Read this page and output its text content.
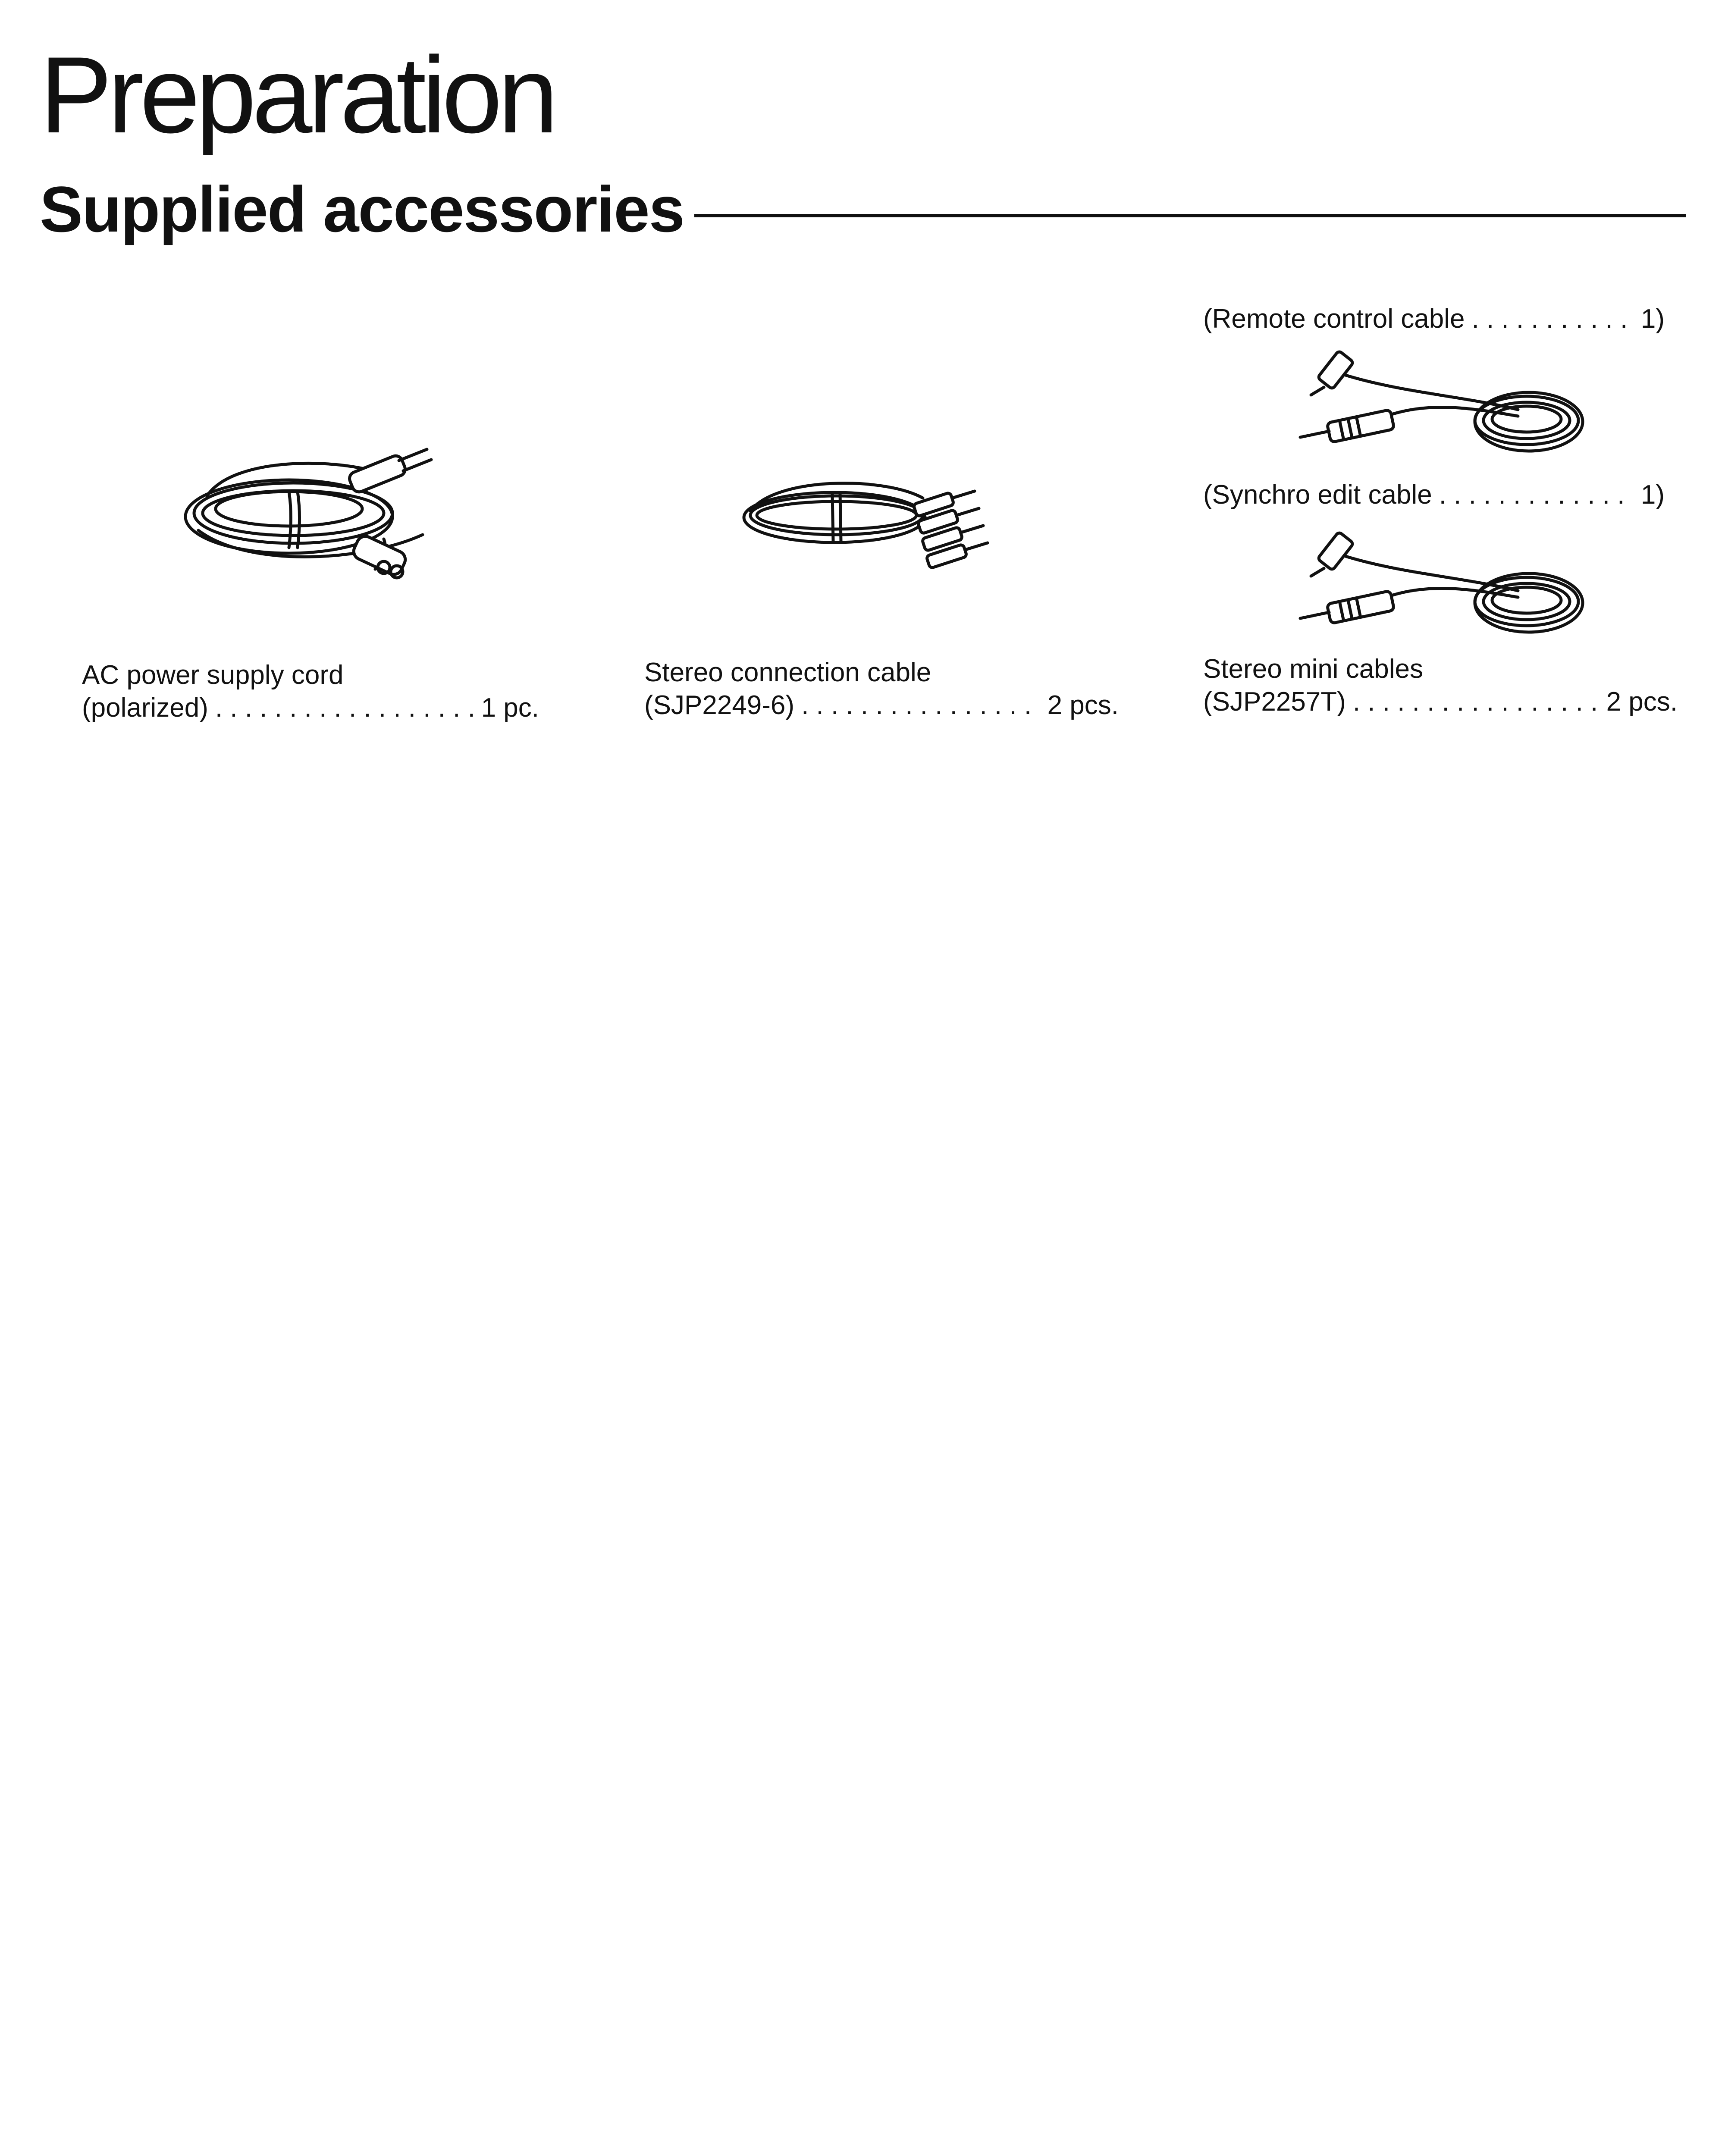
Preparation
Supplied accessories
AC power supply cord
(polarized) . . .	1 pc.
Stereo connection cable
(SJP2249-6) . . .	2 pcs.
(Remote control cable . . .	1)
(Synchro edit cable . . .	1)
Stereo mini cables
(SJP2257T) . . .	2 pcs.
